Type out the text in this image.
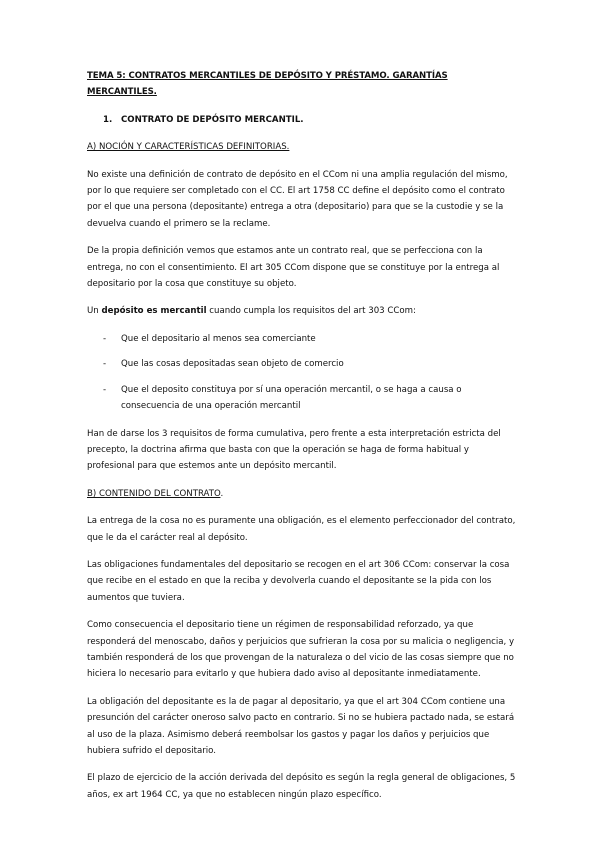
TEMA 5: CONTRATOS MERCANTILES DE DEPÓSITO Y PRÉSTAMO. GARANTÍAS MERCANTILES.
1. CONTRATO DE DEPÓSITO MERCANTIL.
A) NOCIÓN Y CARACTERÍSTICAS DEFINITORIAS.

No existe una definición de contrato de depósito en el CCom ni una amplia regulación del mismo, por lo que requiere ser completado con el CC. El art 1758 CC define el depósito como el contrato por el que una persona (depositante) entrega a otra (depositario) para que se la custodie y se la devuelva cuando el primero se la reclame.

De la propia definición vemos que estamos ante un contrato real, que se perfecciona con la entrega, no con el consentimiento. El art 305 CCom dispone que se constituye por la entrega al depositario por la cosa que constituye su objeto.

Un depósito es mercantil cuando cumpla los requisitos del art 303 CCom:

- Que el depositario al menos sea comerciante
- Que las cosas depositadas sean objeto de comercio
- Que el deposito constituya por sí una operación mercantil, o se haga a causa o consecuencia de una operación mercantil

Han de darse los 3 requisitos de forma cumulativa, pero frente a esta interpretación estricta del precepto, la doctrina afirma que basta con que la operación se haga de forma habitual y profesional para que estemos ante un depósito mercantil.

B) CONTENIDO DEL CONTRATO.

La entrega de la cosa no es puramente una obligación, es el elemento perfeccionador del contrato, que le da el carácter real al depósito.

Las obligaciones fundamentales del depositario se recogen en el art 306 CCom: conservar la cosa que recibe en el estado en que la reciba y devolverla cuando el depositante se la pida con los aumentos que tuviera.

Como consecuencia el depositario tiene un régimen de responsabilidad reforzado, ya que responderá del menoscabo, daños y perjuicios que sufrieran la cosa por su malicia o negligencia, y también responderá de los que provengan de la naturaleza o del vicio de las cosas siempre que no hiciera lo necesario para evitarlo y que hubiera dado aviso al depositante inmediatamente.

La obligación del depositante es la de pagar al depositario, ya que el art 304 CCom contiene una presunción del carácter oneroso salvo pacto en contrario. Si no se hubiera pactado nada, se estará al uso de la plaza. Asimismo deberá reembolsar los gastos y pagar los daños y perjuicios que hubiera sufrido el depositario.

El plazo de ejercicio de la acción derivada del depósito es según la regla general de obligaciones, 5 años, ex art 1964 CC, ya que no establecen ningún plazo específico.
